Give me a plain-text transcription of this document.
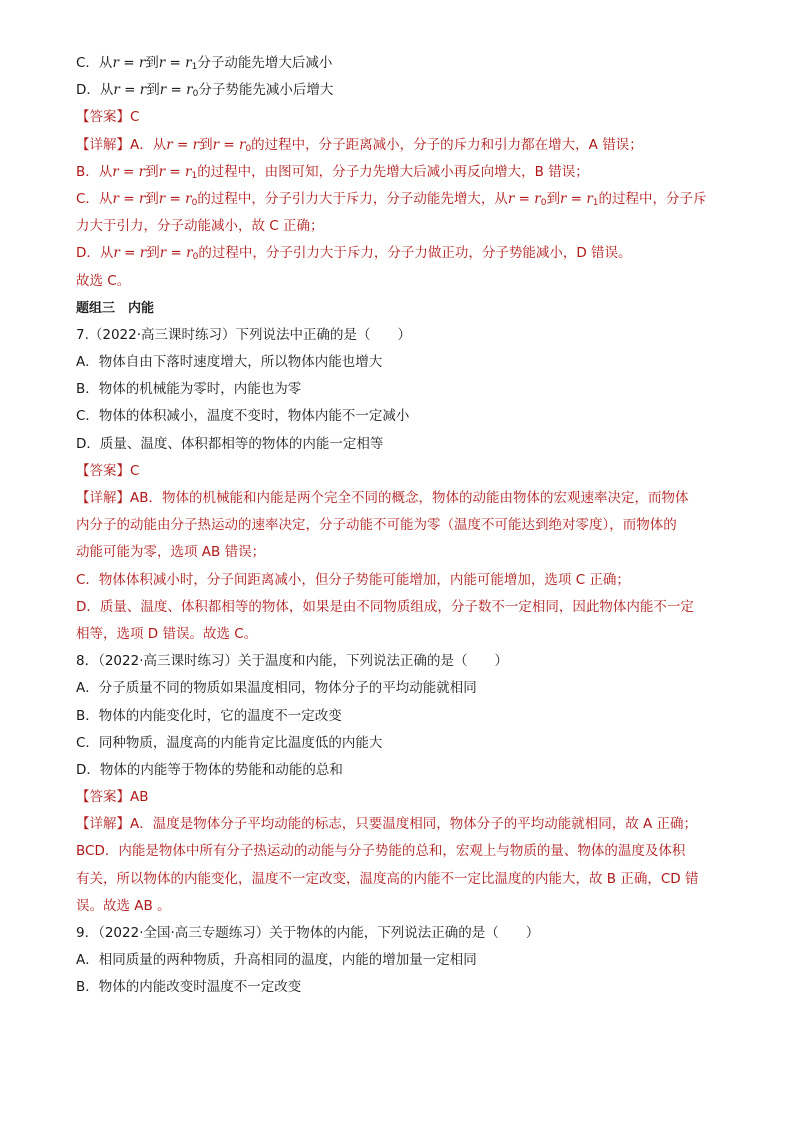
C．从r = r到$r = r_1$分子动能先增大后减小
D．从r = r到$r = r_0$分子势能先减小后增大
【答案】C
【详解】A．从r = r到$r = r_0$的过程中，分子距离减小，分子的斥力和引力都在增大，A 错误；
B．从r = r到$r = r_1$的过程中，由图可知，分子力先增大后减小再反向增大，B 错误；
C．从r = r到$r = r_0$的过程中，分子引力大于斥力，分子动能先增大，从$r = r_0$到$r = r_1$的过程中，分子斥
力大于引力，分子动能减小，故 C 正确；
D．从r = r到$r = r_0$的过程中，分子引力大于斥力，分子力做正功，分子势能减小，D 错误。
故选 C。
题组三　内能
7.（2022·高三课时练习）下列说法中正确的是（　　）
A．物体自由下落时速度增大，所以物体内能也增大
B．物体的机械能为零时，内能也为零
C．物体的体积减小，温度不变时，物体内能不一定减小
D．质量、温度、体积都相等的物体的内能一定相等
【答案】C
【详解】AB．物体的机械能和内能是两个完全不同的概念，物体的动能由物体的宏观速率决定，而物体
内分子的动能由分子热运动的速率决定，分子动能不可能为零（温度不可能达到绝对零度），而物体的
动能可能为零，选项 AB 错误；
C．物体体积减小时，分子间距离减小，但分子势能可能增加，内能可能增加，选项 C 正确；
D．质量、温度、体积都相等的物体，如果是由不同物质组成，分子数不一定相同，因此物体内能不一定
相等，选项 D 错误。故选 C。
8．（2022·高三课时练习）关于温度和内能，下列说法正确的是（　　）
A．分子质量不同的物质如果温度相同，物体分子的平均动能就相同
B．物体的内能变化时，它的温度不一定改变
C．同种物质，温度高的内能肯定比温度低的内能大
D．物体的内能等于物体的势能和动能的总和
【答案】AB
【详解】A．温度是物体分子平均动能的标志，只要温度相同，物体分子的平均动能就相同，故 A 正确；
BCD．内能是物体中所有分子热运动的动能与分子势能的总和，宏观上与物质的量、物体的温度及体积
有关，所以物体的内能变化，温度不一定改变，温度高的内能不一定比温度的内能大，故 B 正确，CD 错
误。故选 AB 。
9．（2022·全国·高三专题练习）关于物体的内能，下列说法正确的是（　　）
A．相同质量的两种物质，升高相同的温度，内能的增加量一定相同
B．物体的内能改变时温度不一定改变
